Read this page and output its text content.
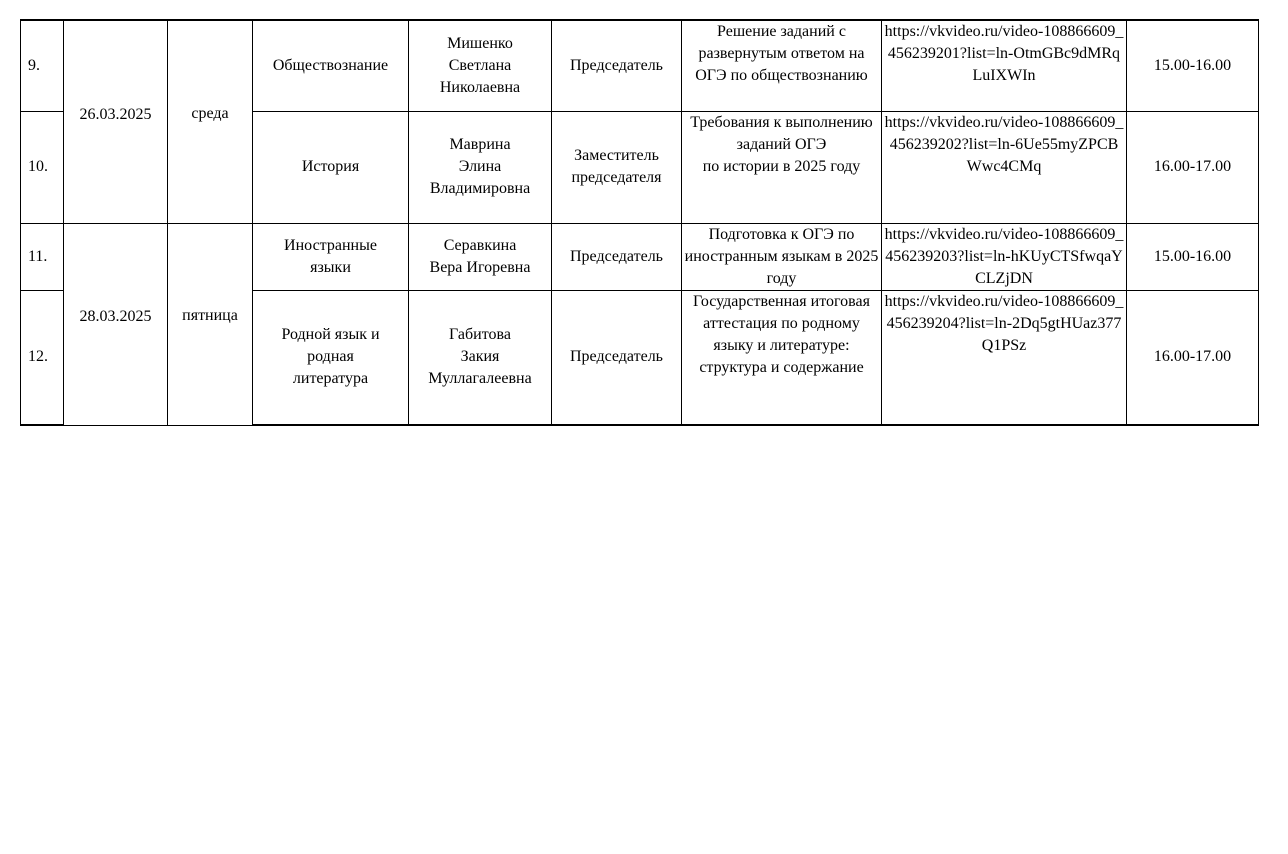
9.	26.03.2025	среда	Обществознание	Мишенко
Светлана
Николаевна	Председатель	Решение заданий с развернутым ответом на ОГЭ по обществознанию	https://vkvideo.ru/video-108866609_456239201?list=ln-OtmGBc9dMRqLuIXWIn	15.00-16.00
10.			История	Маврина
Элина
Владимировна	Заместитель
председателя	Требования к выполнению заданий ОГЭ
по истории в 2025 году	https://vkvideo.ru/video-108866609_456239202?list=ln-6Ue55myZPCBWwc4CMq	16.00-17.00
11.	28.03.2025	пятница	Иностранные
языки	Серавкина
Вера Игоревна	Председатель	Подготовка к ОГЭ по иностранным языкам в 2025 году	https://vkvideo.ru/video-108866609_456239203?list=ln-hKUyCTSfwqaYCLZjDN	15.00-16.00
12.			Родной язык и
родная
литература	Габитова
Закия
Муллагалеевна	Председатель	Государственная итоговая аттестация по родному языку и литературе:
структура и содержание	https://vkvideo.ru/video-108866609_456239204?list=ln-2Dq5gtHUaz377Q1PSz	16.00-17.00
